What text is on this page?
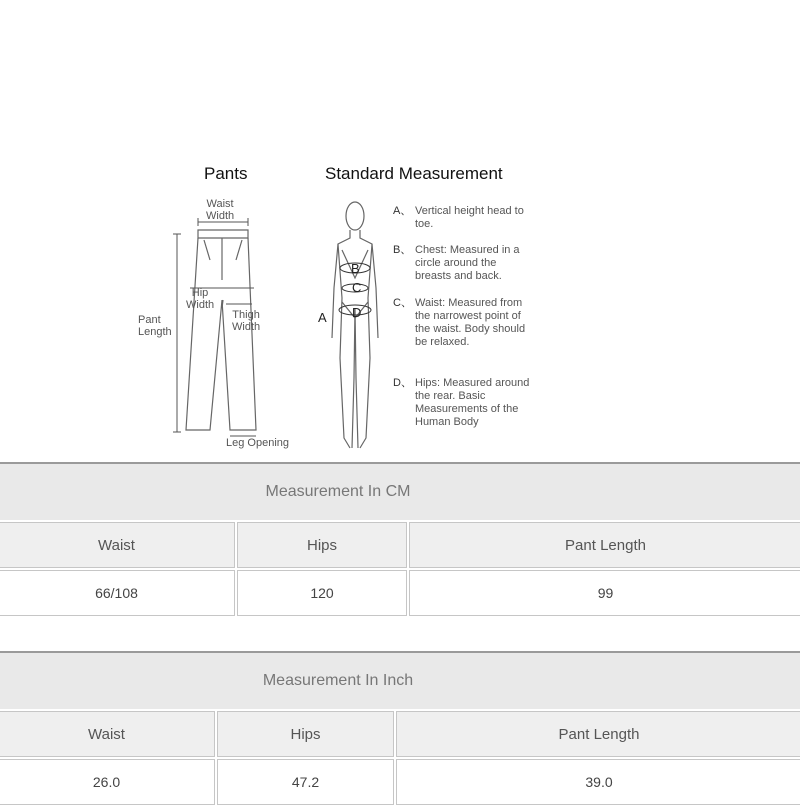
Pants	Standard Measurement
Waist
Width
Hip
Width
Thigh
Width
Pant
Length
Leg Opening
A
B
C
D
A、 Vertical height head to toe.
B、 Chest: Measured in a circle around the breasts and back.
C、 Waist: Measured from the narrowest point of the waist. Body should be relaxed.
D、 Hips: Measured around the rear. Basic Measurements of the Human Body
Measurement In CM
Waist	Hips	Pant Length
66/108	120	99
Measurement In Inch
Waist	Hips	Pant Length
26.0	47.2	39.0
